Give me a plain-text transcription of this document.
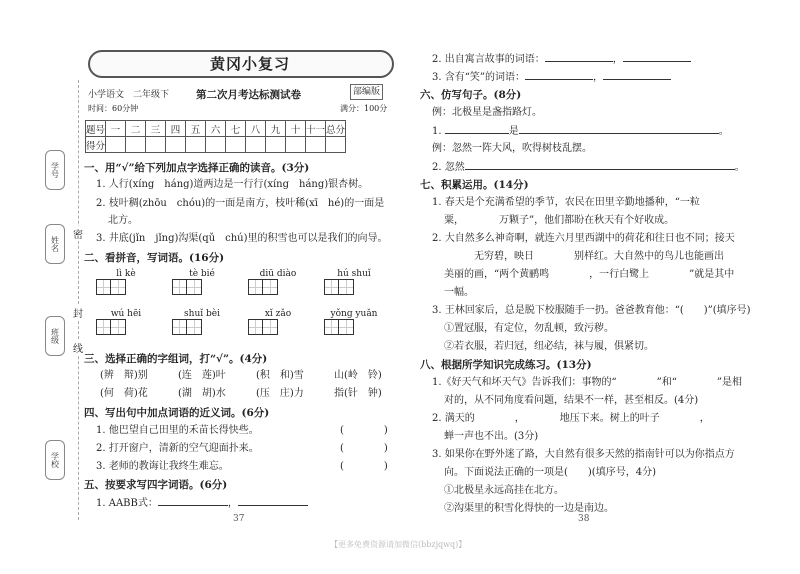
学号
姓名
班级
学校
密
封
线
黄冈小复习
小学语文　二年级下	第二次月考达标测试卷	部编版
时间：60分钟	满分：100分
题号	一	二	三	四	五	六	七	八	九	十	十一	总分
得分												
一、用“√”给下列加点字选择正确的读音。(3分)
1. 人行(xíng　háng)道两边是一行行(xíng　háng)银杏树。
2. 枝叶稠(zhōu　chóu)的一面是南方，枝叶稀(xī　hé)的一面是
北方。
3. 井底(jǐn　jǐng)沟渠(qǔ　chú)里的积雪也可以是我们的向导。
二、看拼音，写词语。(16分)
lì kè	tè bié	diū diào	hú shuǐ
wú hēi	shuǐ bèi	xǐ zǎo	yǒng yuǎn
三、选择正确的字组词，打“√”。(4分)
(辨　辩)别	(连　莲)叶	(积　和)雪	山(岭　铃)
(何　荷)花	(湖　胡)水	(压　庄)力	指(针　钟)
四、写出句中加点词语的近义词。(6分)
1. 他巴望自己田里的禾苗长得快些。	(　　　　)
2. 打开窗户，清新的空气迎面扑来。	(　　　　)
3. 老师的教诲让我终生难忘。	(　　　　)
五、按要求写四字词语。(6分)
1. AABB式：	，
37
2. 出自寓言故事的词语：	，
3. 含有“笑”的词语：	，
六、仿写句子。(8分)
例：北极星是盏指路灯。
1.	是	。
例：忽然一阵大风，吹得树枝乱摆。
2. 忽然	。
七、积累运用。(14分)
1. 春天是个充满希望的季节，农民在田里辛勤地播种，“一粒
粟，　　　　万颗子”，他们都盼在秋天有个好收成。
2. 大自然多么神奇啊，就连六月里西湖中的荷花和往日也不同；接天
　　　无穷碧，映日　　　　别样红。大自然中的鸟儿也能画出
美丽的画，“两个黄鹂鸣　　　　，一行白鹭上　　　　”就是其中
一幅。
3. 王林回家后，总是脱下校服随手一扔。爸爸教育他：“(　　)”(填序号)
①置冠服，有定位，勿乱顿，致污秽。
②若衣服，若归冠，纽必结，袜与履，俱紧切。
八、根据所学知识完成练习。(13分)
1.《好天气和坏天气》告诉我们：事物的“　　　　”和“　　　　”是相
对的，从不同角度看问题，结果不一样，甚至相反。(4分)
2. 满天的　　　　，　　　　地压下来。树上的叶子　　　　，
蝉一声也不出。(3分)
3. 如果你在野外迷了路，大自然有很多天然的指南针可以为你指点方
向。下面说法正确的一项是(　　)(填序号，4分)
①北极星永远高挂在北方。
②沟渠里的积雪化得快的一边是南边。
38
【更多免费资源请加微信(bbzjqwq)】
